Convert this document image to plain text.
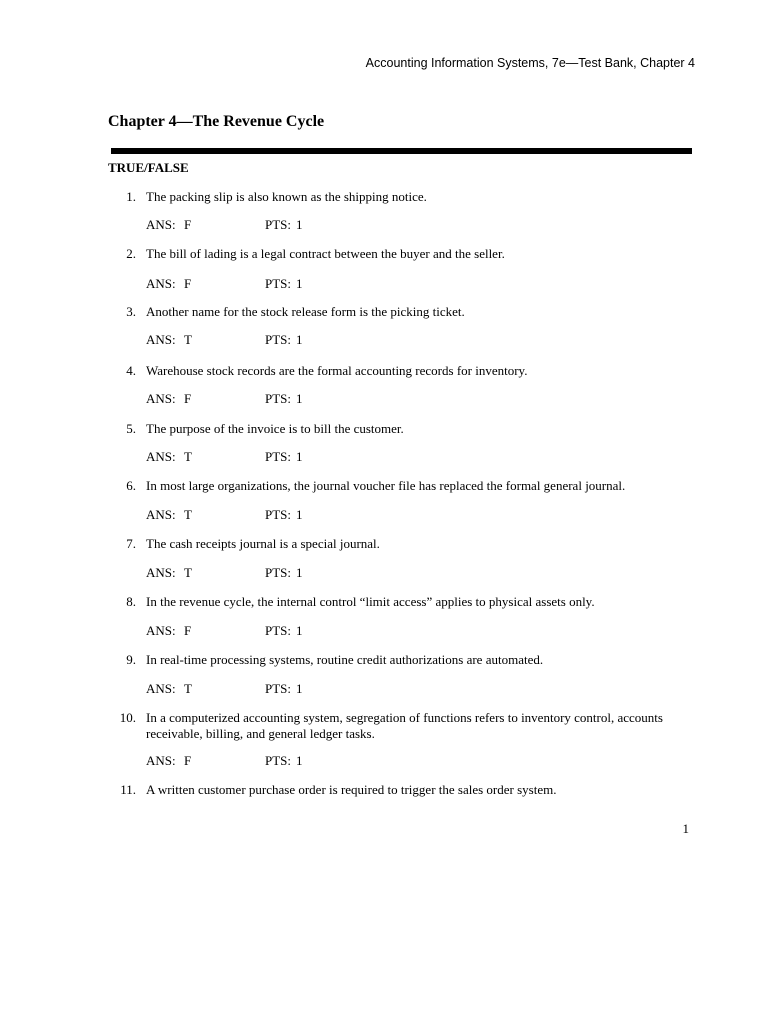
Accounting Information Systems, 7e—Test Bank, Chapter 4
Chapter 4—The Revenue Cycle
TRUE/FALSE
1. The packing slip is also known as the shipping notice.
ANS: F	PTS: 1
2. The bill of lading is a legal contract between the buyer and the seller.
ANS: F	PTS: 1
3. Another name for the stock release form is the picking ticket.
ANS: T	PTS: 1
4. Warehouse stock records are the formal accounting records for inventory.
ANS: F	PTS: 1
5. The purpose of the invoice is to bill the customer.
ANS: T	PTS: 1
6. In most large organizations, the journal voucher file has replaced the formal general journal.
ANS: T	PTS: 1
7. The cash receipts journal is a special journal.
ANS: T	PTS: 1
8. In the revenue cycle, the internal control “limit access” applies to physical assets only.
ANS: F	PTS: 1
9. In real-time processing systems, routine credit authorizations are automated.
ANS: T	PTS: 1
10. In a computerized accounting system, segregation of functions refers to inventory control, accounts receivable, billing, and general ledger tasks.
ANS: F	PTS: 1
11. A written customer purchase order is required to trigger the sales order system.
1
